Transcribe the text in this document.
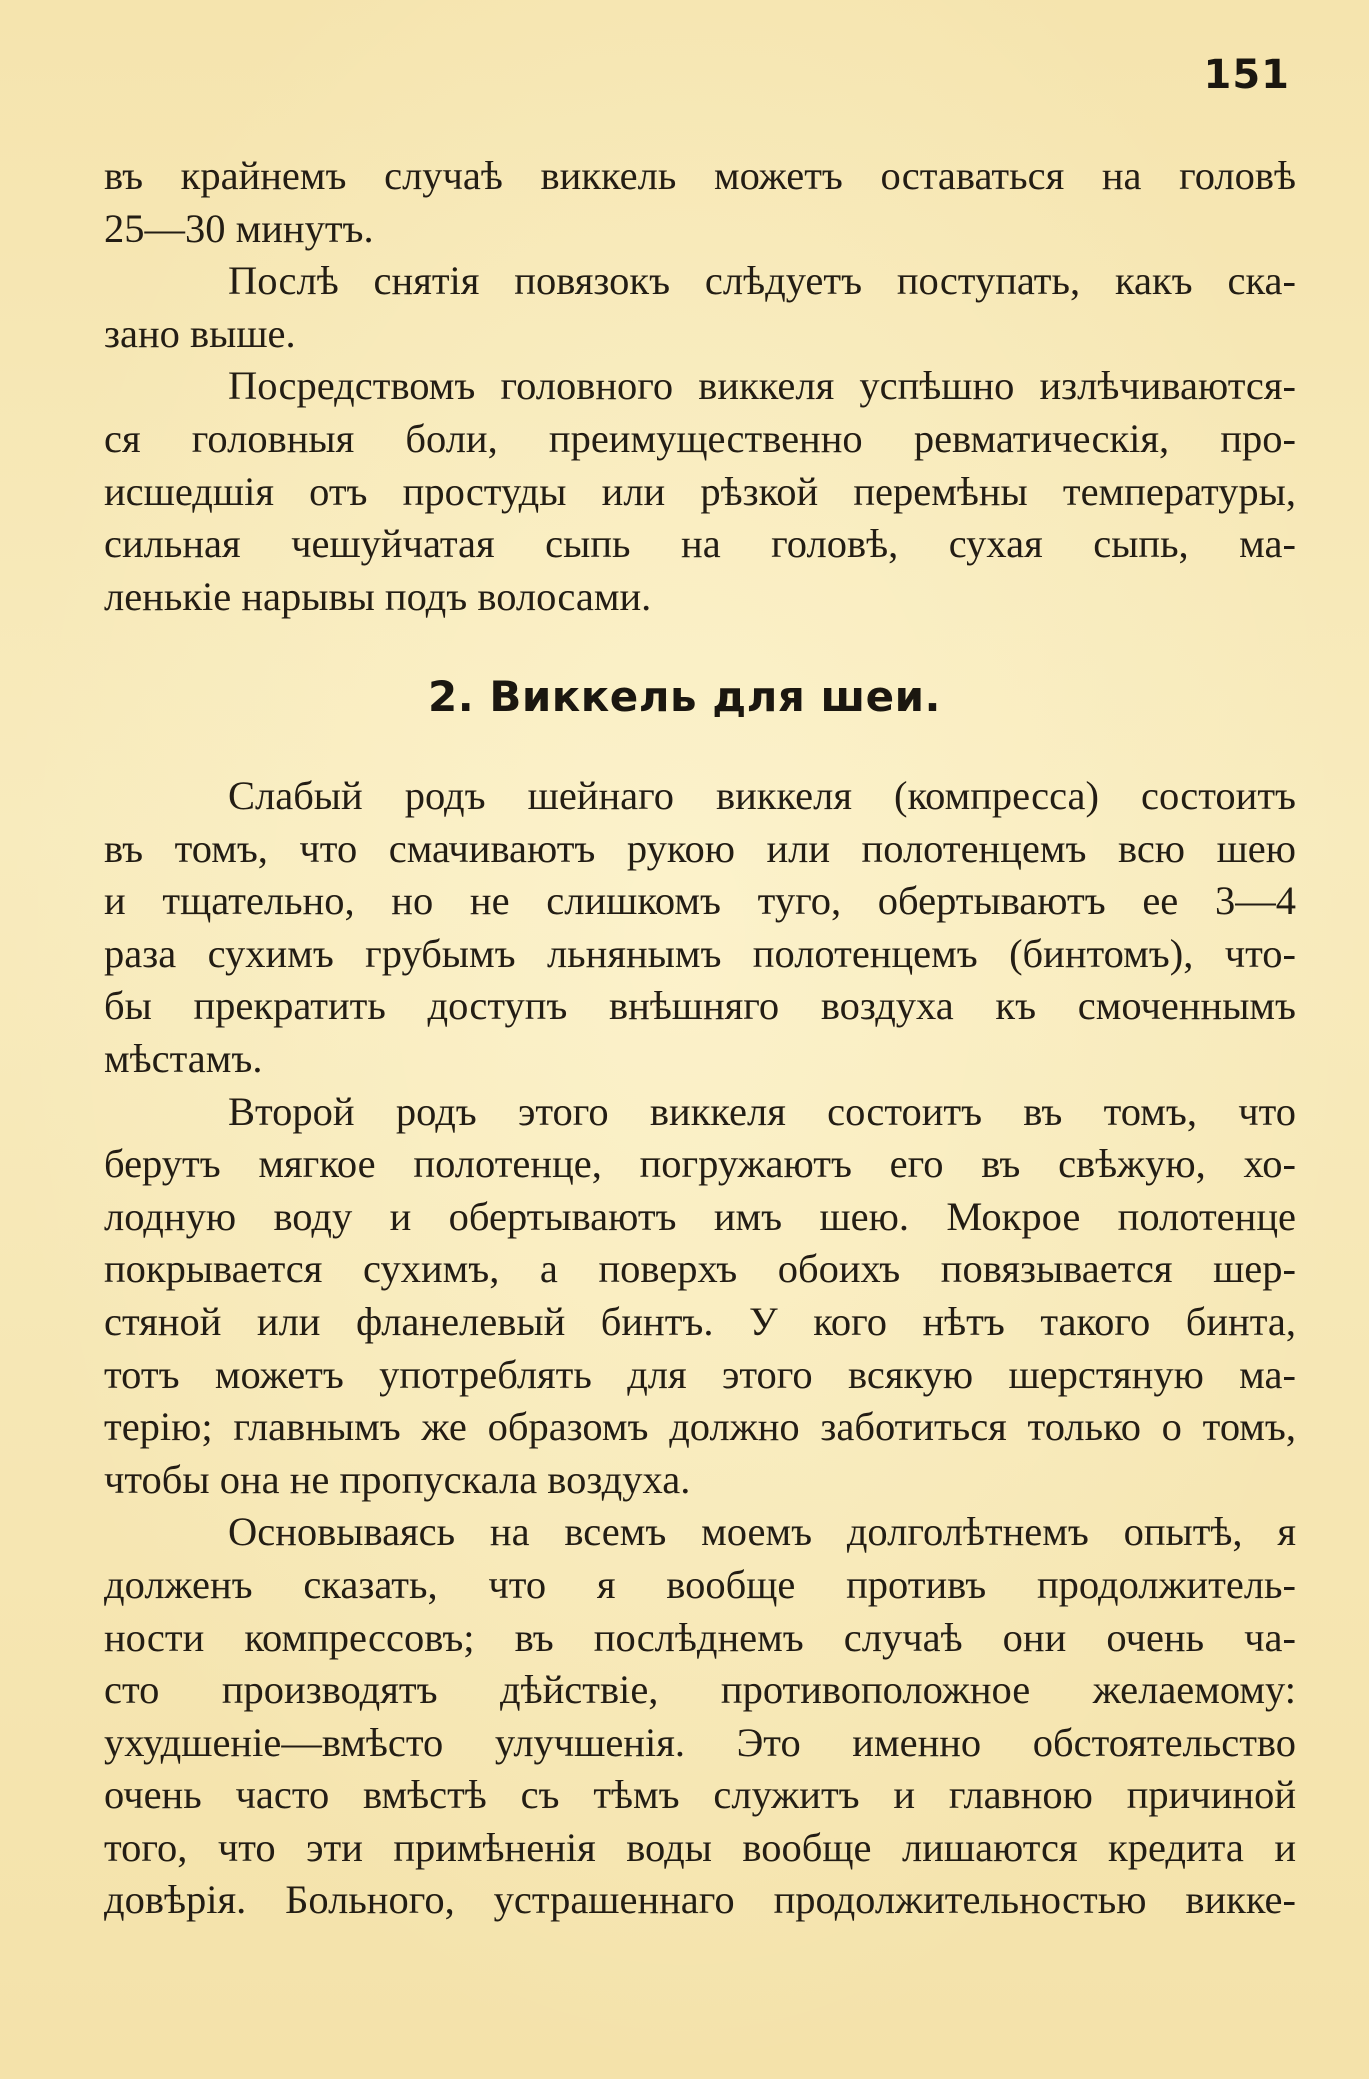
151
въ крайнемъ случаѣ виккель можетъ оставаться на головѣ
25—30 минутъ.
Послѣ снятія повязокъ слѣдуетъ поступать, какъ ска-
зано выше.
Посредствомъ головного виккеля успѣшно излѣчиваются-
ся головныя боли, преимущественно ревматическія, про-
исшедшія отъ простуды или рѣзкой перемѣны температуры,
сильная чешуйчатая сыпь на головѣ, сухая сыпь, ма-
ленькіе нарывы подъ волосами.
2. Виккель для шеи.
Слабый родъ шейнаго виккеля (компресса) состоитъ
въ томъ, что смачиваютъ рукою или полотенцемъ всю шею
и тщательно, но не слишкомъ туго, обертываютъ ее 3—4
раза сухимъ грубымъ льнянымъ полотенцемъ (бинтомъ), что-
бы прекратить доступъ внѣшняго воздуха къ смоченнымъ
мѣстамъ.
Второй родъ этого виккеля состоитъ въ томъ, что
берутъ мягкое полотенце, погружаютъ его въ свѣжую, хо-
лодную воду и обертываютъ имъ шею. Мокрое полотенце
покрывается сухимъ, а поверхъ обоихъ повязывается шер-
стяной или фланелевый бинтъ. У кого нѣтъ такого бинта,
тотъ можетъ употреблять для этого всякую шерстяную ма-
терію; главнымъ же образомъ должно заботиться только о томъ,
чтобы она не пропускала воздуха.
Основываясь на всемъ моемъ долголѣтнемъ опытѣ, я
долженъ сказать, что я вообще противъ продолжитель-
ности компрессовъ; въ послѣднемъ случаѣ они очень ча-
сто производятъ дѣйствіе, противоположное желаемому:
ухудшеніе—вмѣсто улучшенія. Это именно обстоятельство
очень часто вмѣстѣ съ тѣмъ служитъ и главною причиной
того, что эти примѣненія воды вообще лишаются кредита и
довѣрія. Больного, устрашеннаго продолжительностью викке-
